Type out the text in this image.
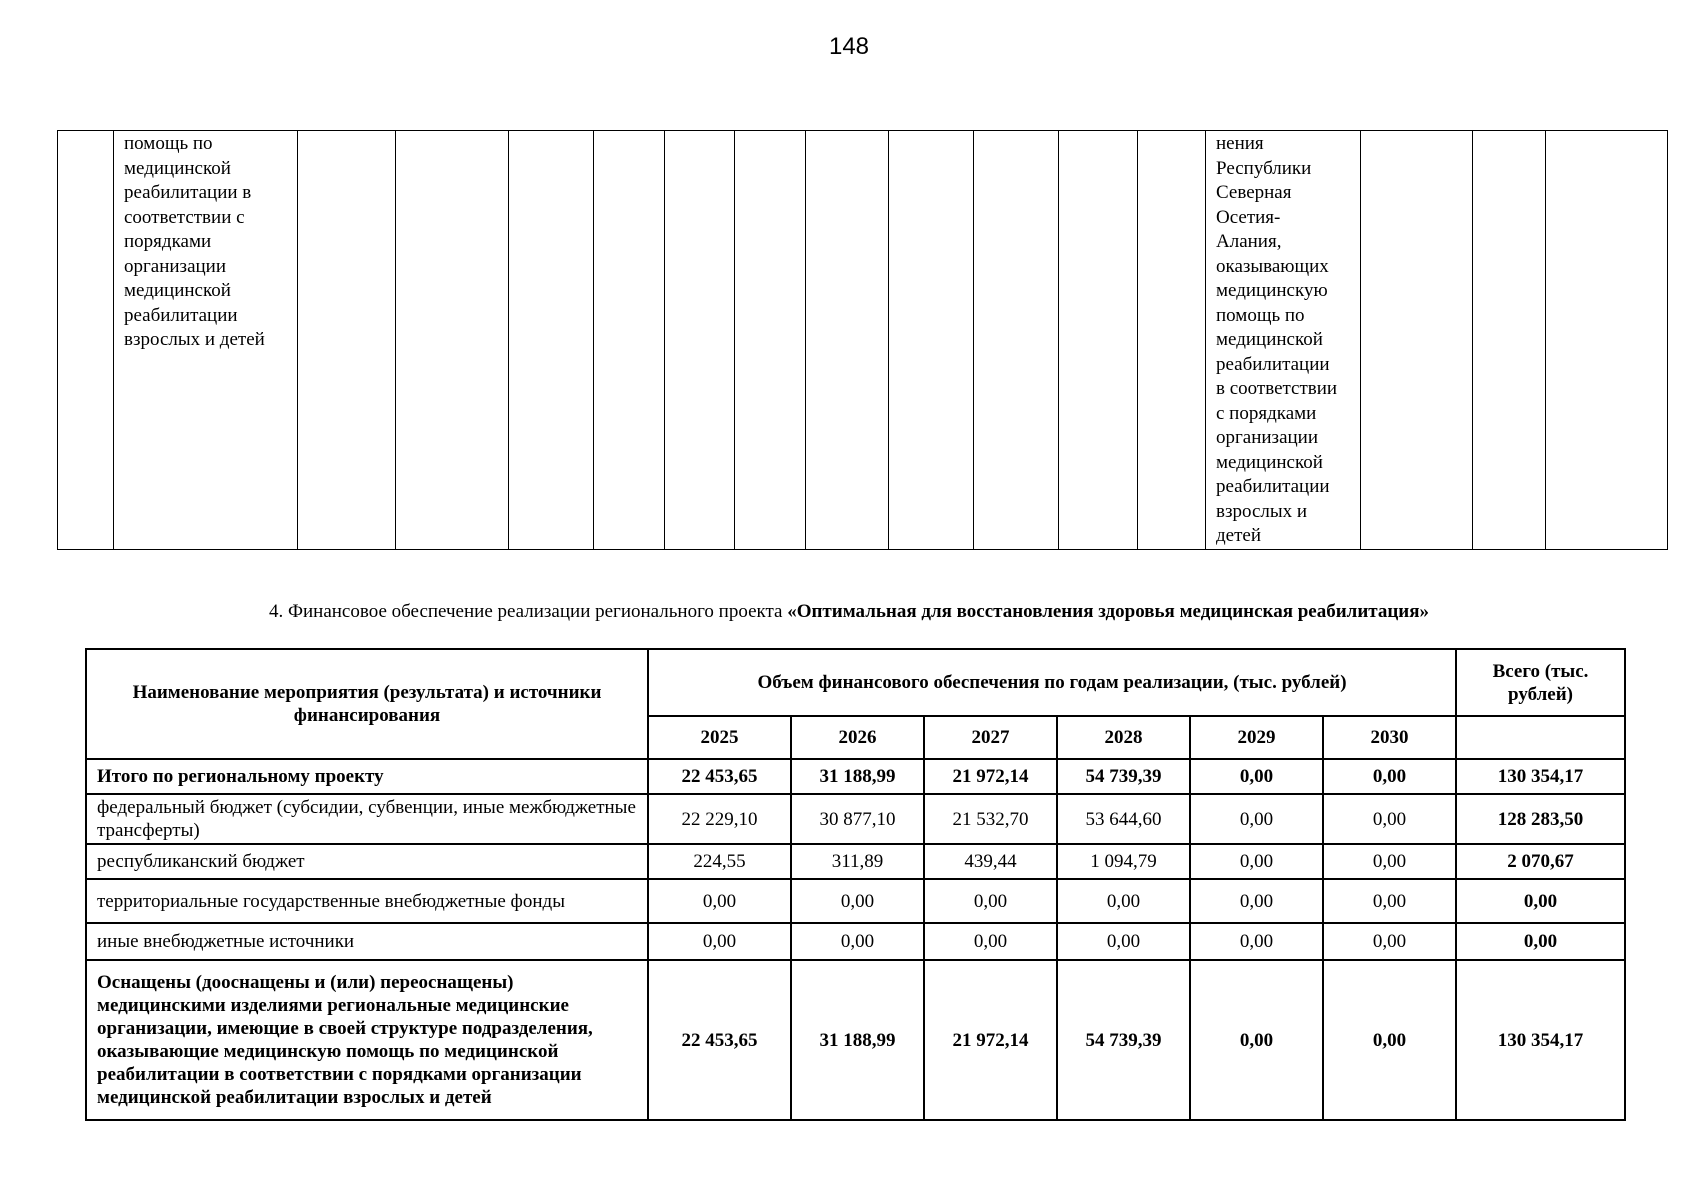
148
	помощь по
медицинской
реабилитации в
соответствии с
порядками
организации
медицинской
реабилитации
взрослых и детей												нения
Республики
Северная
Осетия-
Алания,
оказывающих
медицинскую
помощь по
медицинской
реабилитации
в соответствии
с порядками
организации
медицинской
реабилитации
взрослых и
детей			
4. Финансовое обеспечение реализации регионального проекта «Оптимальная для восстановления здоровья медицинская реабилитация»
Наименование мероприятия (результата) и источники финансирования	Объем финансового обеспечения по годам реализации, (тыс. рублей)						Всего (тыс. рублей)
	2025	2026	2027	2028	2029	2030	
Итого по региональному проекту	22 453,65	31 188,99	21 972,14	54 739,39	0,00	0,00	130 354,17
федеральный бюджет (субсидии, субвенции, иные межбюджетные трансферты)	22 229,10	30 877,10	21 532,70	53 644,60	0,00	0,00	128 283,50
республиканский бюджет	224,55	311,89	439,44	1 094,79	0,00	0,00	2 070,67
территориальные государственные внебюджетные фонды	0,00	0,00	0,00	0,00	0,00	0,00	0,00
иные внебюджетные источники	0,00	0,00	0,00	0,00	0,00	0,00	0,00
Оснащены (дооснащены и (или) переоснащены) медицинскими изделиями региональные медицинские организации, имеющие в своей структуре подразделения, оказывающие медицинскую помощь по медицинской реабилитации в соответствии с порядками организации медицинской реабилитации взрослых и детей	22 453,65	31 188,99	21 972,14	54 739,39	0,00	0,00	130 354,17
